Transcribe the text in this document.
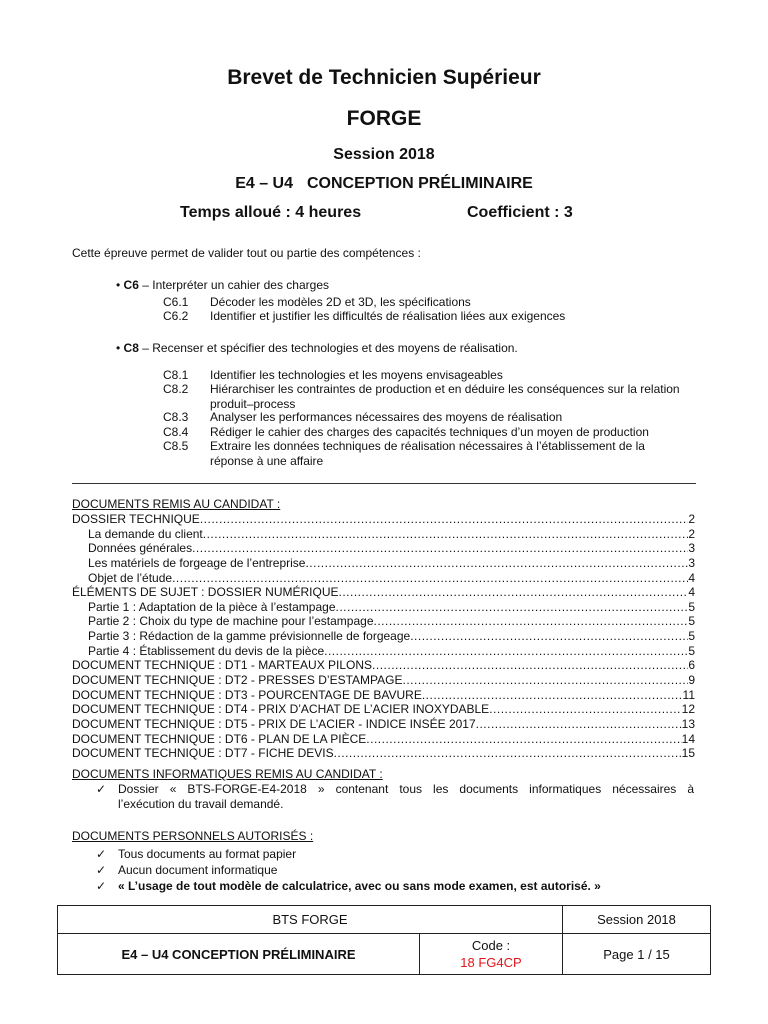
Brevet de Technicien Supérieur
FORGE
Session 2018
E4 – U4 CONCEPTION PRÉLIMINAIRE
Temps alloué : 4 heures	Coefficient : 3
Cette épreuve permet de valider tout ou partie des compétences :
• C6 – Interpréter un cahier des charges
C6.1 Décoder les modèles 2D et 3D, les spécifications
C6.2 Identifier et justifier les difficultés de réalisation liées aux exigences
• C8 – Recenser et spécifier des technologies et des moyens de réalisation.
C8.1 Identifier les technologies et les moyens envisageables
C8.2 Hiérarchiser les contraintes de production et en déduire les conséquences sur la relation produit–process
C8.3 Analyser les performances nécessaires des moyens de réalisation
C8.4 Rédiger le cahier des charges des capacités techniques d’un moyen de production
C8.5 Extraire les données techniques de réalisation nécessaires à l’établissement de la réponse à une affaire
DOCUMENTS REMIS AU CANDIDAT :
DOSSIER TECHNIQUE .....	2
La demande du client .....	2
Données générales .....	3
Les matériels de forgeage de l’entreprise .....	3
Objet de l’étude .....	4
ÉLÉMENTS DE SUJET : DOSSIER NUMÉRIQUE .....	4
Partie 1 : Adaptation de la pièce à l’estampage .....	5
Partie 2 : Choix du type de machine pour l’estampage .....	5
Partie 3 : Rédaction de la gamme prévisionnelle de forgeage .....	5
Partie 4 : Établissement du devis de la pièce .....	5
DOCUMENT TECHNIQUE : DT1 - MARTEAUX PILONS .....	6
DOCUMENT TECHNIQUE : DT2 - PRESSES D’ESTAMPAGE .....	9
DOCUMENT TECHNIQUE : DT3 - POURCENTAGE DE BAVURE .....	11
DOCUMENT TECHNIQUE : DT4 - PRIX D’ACHAT DE L’ACIER INOXYDABLE .....	12
DOCUMENT TECHNIQUE : DT5 - PRIX DE L’ACIER - INDICE INSÉE 2017 .....	13
DOCUMENT TECHNIQUE : DT6 - PLAN DE LA PIÈCE .....	14
DOCUMENT TECHNIQUE : DT7 - FICHE DEVIS .....	15
DOCUMENTS INFORMATIQUES REMIS AU CANDIDAT :
✓ Dossier « BTS-FORGE-E4-2018 » contenant tous les documents informatiques nécessaires à
l’exécution du travail demandé.
DOCUMENTS PERSONNELS AUTORISÉS :
✓ Tous documents au format papier
✓ Aucun document informatique
✓ « L’usage de tout modèle de calculatrice, avec ou sans mode examen, est autorisé. »
BTS FORGE	Session 2018
E4 – U4 CONCEPTION PRÉLIMINAIRE
Code :
18 FG4CP
Page 1 / 15
